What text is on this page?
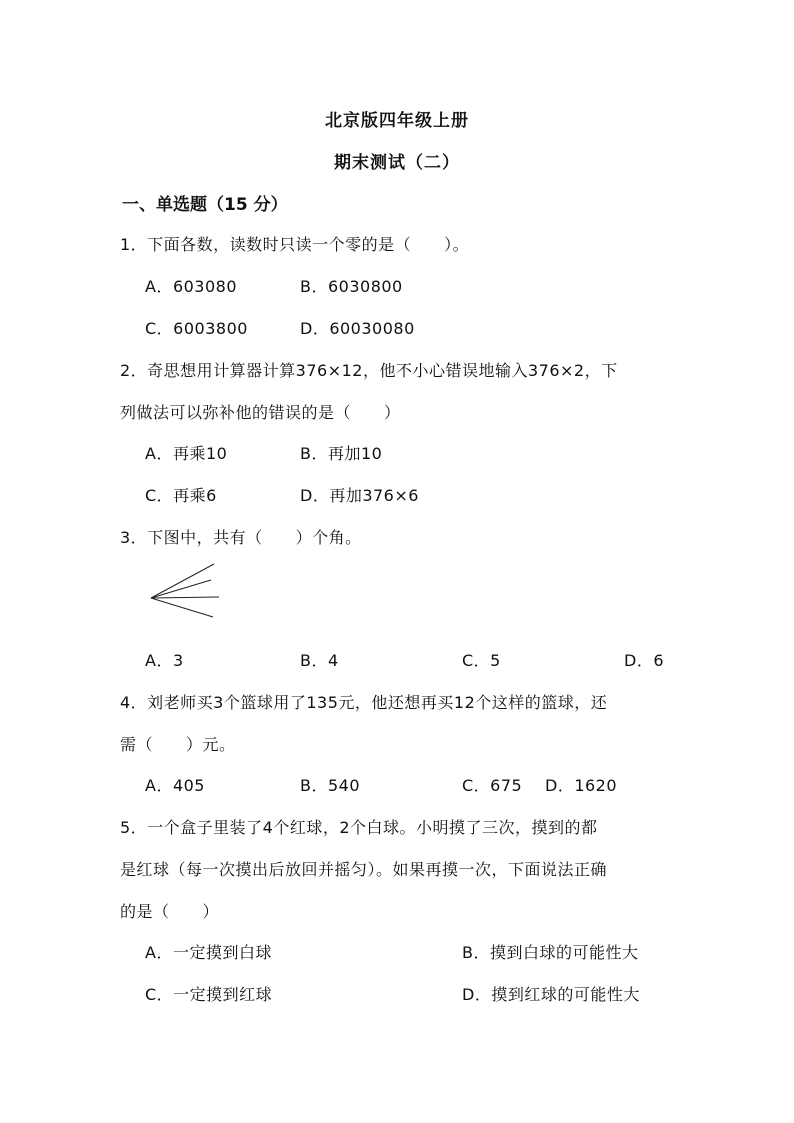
北京版四年级上册
期末测试（二）
一、单选题（15 分）
1．下面各数，读数时只读一个零的是（　　）。
A．603080	B．6030800
C．6003800	D．60030080
2．奇思想用计算器计算376×12，他不小心错误地输入376×2，下
列做法可以弥补他的错误的是（　　）
A．再乘10	B．再加10
C．再乘6	D．再加376×6
3．下图中，共有（　　）个角。
A．3	B．4	C．5	D．6
4．刘老师买3个篮球用了135元，他还想再买12个这样的篮球，还
需（　　）元。
A．405	B．540	C．675 D．1620
5．一个盒子里装了4个红球，2个白球。小明摸了三次，摸到的都
是红球（每一次摸出后放回并摇匀）。如果再摸一次，下面说法正确
的是（　　）
A．一定摸到白球	B．摸到白球的可能性大
C．一定摸到红球	D．摸到红球的可能性大
